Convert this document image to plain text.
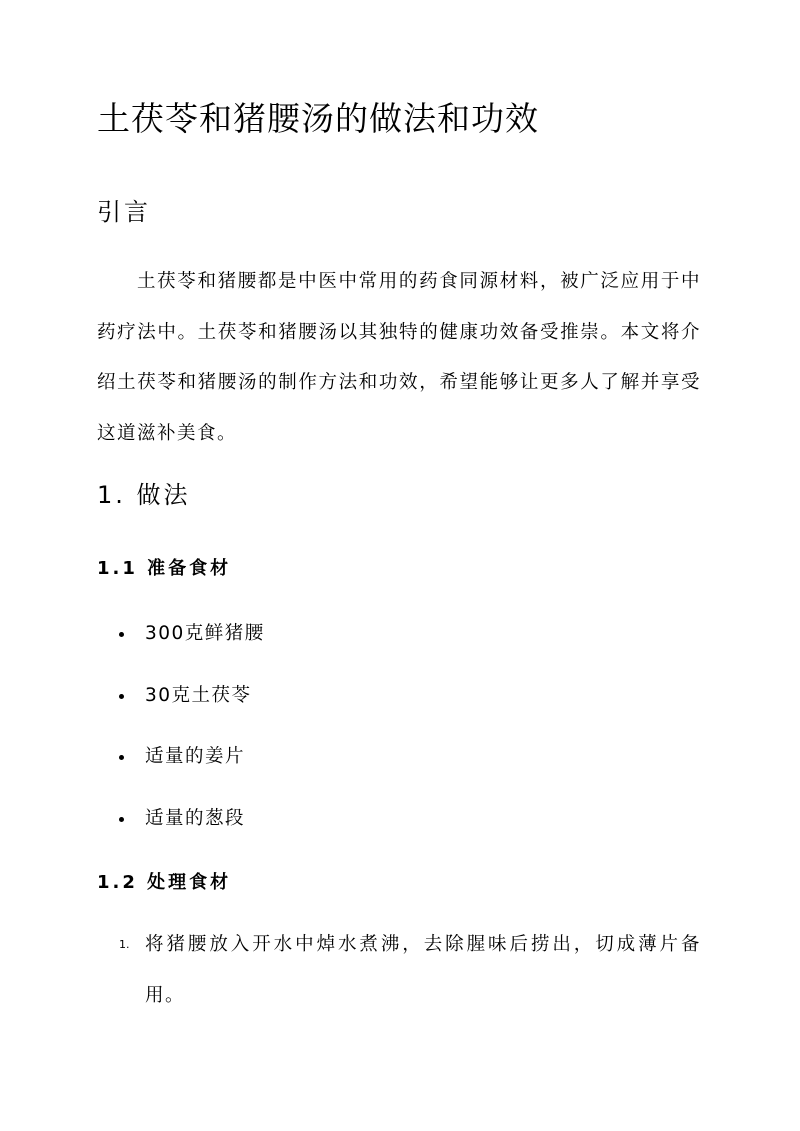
土茯苓和猪腰汤的做法和功效
引言

土茯苓和猪腰都是中医中常用的药食同源材料，被广泛应用于中药疗法中。土茯苓和猪腰汤以其独特的健康功效备受推崇。本文将介绍土茯苓和猪腰汤的制作方法和功效，希望能够让更多人了解并享受这道滋补美食。

1. 做法
1.1 准备食材
300克鲜猪腰
30克土茯苓
适量的姜片
适量的葱段
1.2 处理食材
1. 将猪腰放入开水中焯水煮沸，去除腥味后捞出，切成薄片备用。
